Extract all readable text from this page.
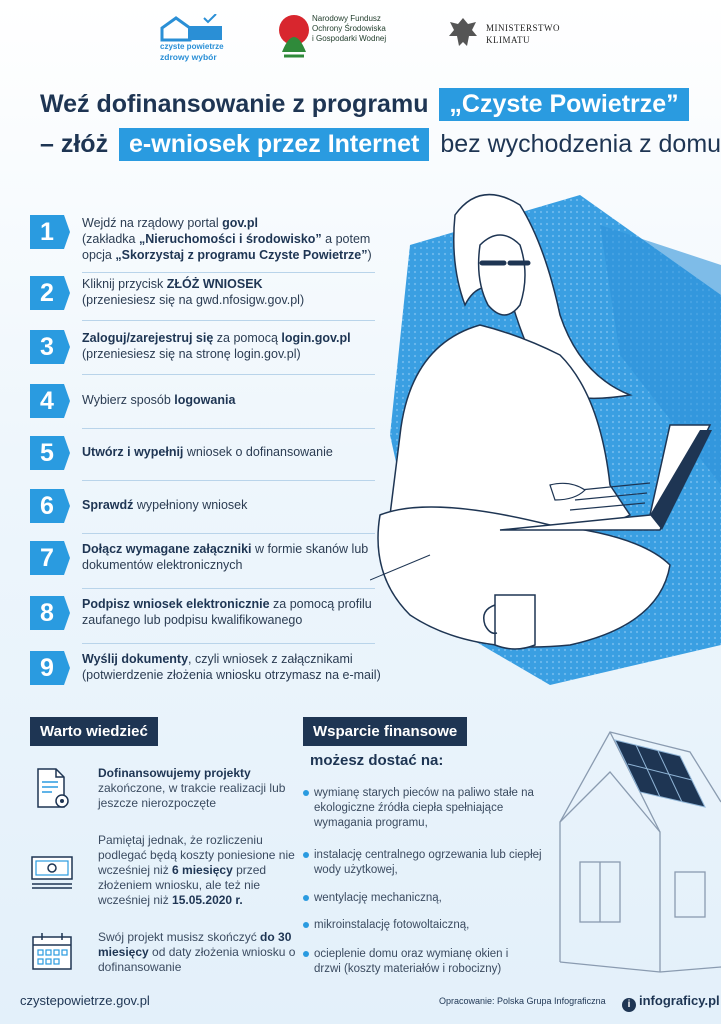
czyste powietrze
zdrowy wybór
Narodowy Fundusz
Ochrony Środowiska
i Gospodarki Wodnej
MINISTERSTWO
KLIMATU
Weź dofinansowanie z programu „Czyste Powietrze”
– złóż e-wniosek przez Internet bez wychodzenia z domu
1	Wejdź na rządowy portal gov.pl
(zakładka „Nieruchomości i środowisko” a potem opcja „Skorzystaj z programu Czyste Powietrze”)
2	Kliknij przycisk ZŁÓŻ WNIOSEK
(przeniesiesz się na gwd.nfosigw.gov.pl)
3	Zaloguj/zarejestruj się za pomocą login.gov.pl
(przeniesiesz się na stronę login.gov.pl)
4	Wybierz sposób logowania
5	Utwórz i wypełnij wniosek o dofinansowanie
6	Sprawdź wypełniony wniosek
7	Dołącz wymagane załączniki w formie skanów lub dokumentów elektronicznych
8	Podpisz wniosek elektronicznie za pomocą profilu zaufanego lub podpisu kwalifikowanego
9	Wyślij dokumenty, czyli wniosek z załącznikami (potwierdzenie złożenia wniosku otrzymasz na e-mail)
Warto wiedzieć
Dofinansowujemy projekty
zakończone, w trakcie realizacji lub jeszcze nierozpoczęte
Pamiętaj jednak, że rozliczeniu podlegać będą koszty poniesione nie wcześniej niż 6 miesięcy przed złożeniem wniosku, ale też nie wcześniej niż 15.05.2020 r.
Swój projekt musisz skończyć do 30 miesięcy od daty złożenia wniosku o dofinansowanie
Wsparcie finansowe
możesz dostać na:
wymianę starych pieców na paliwo stałe na ekologiczne źródła ciepła spełniające wymagania programu,
instalację centralnego ogrzewania lub ciepłej wody użytkowej,
wentylację mechaniczną,
mikroinstalację fotowoltaiczną,
ocieplenie domu oraz wymianę okien i drzwi (koszty materiałów i robocizny)
czystepowietrze.gov.pl	Opracowanie: Polska Grupa Infograficzna	i infograficy.pl
